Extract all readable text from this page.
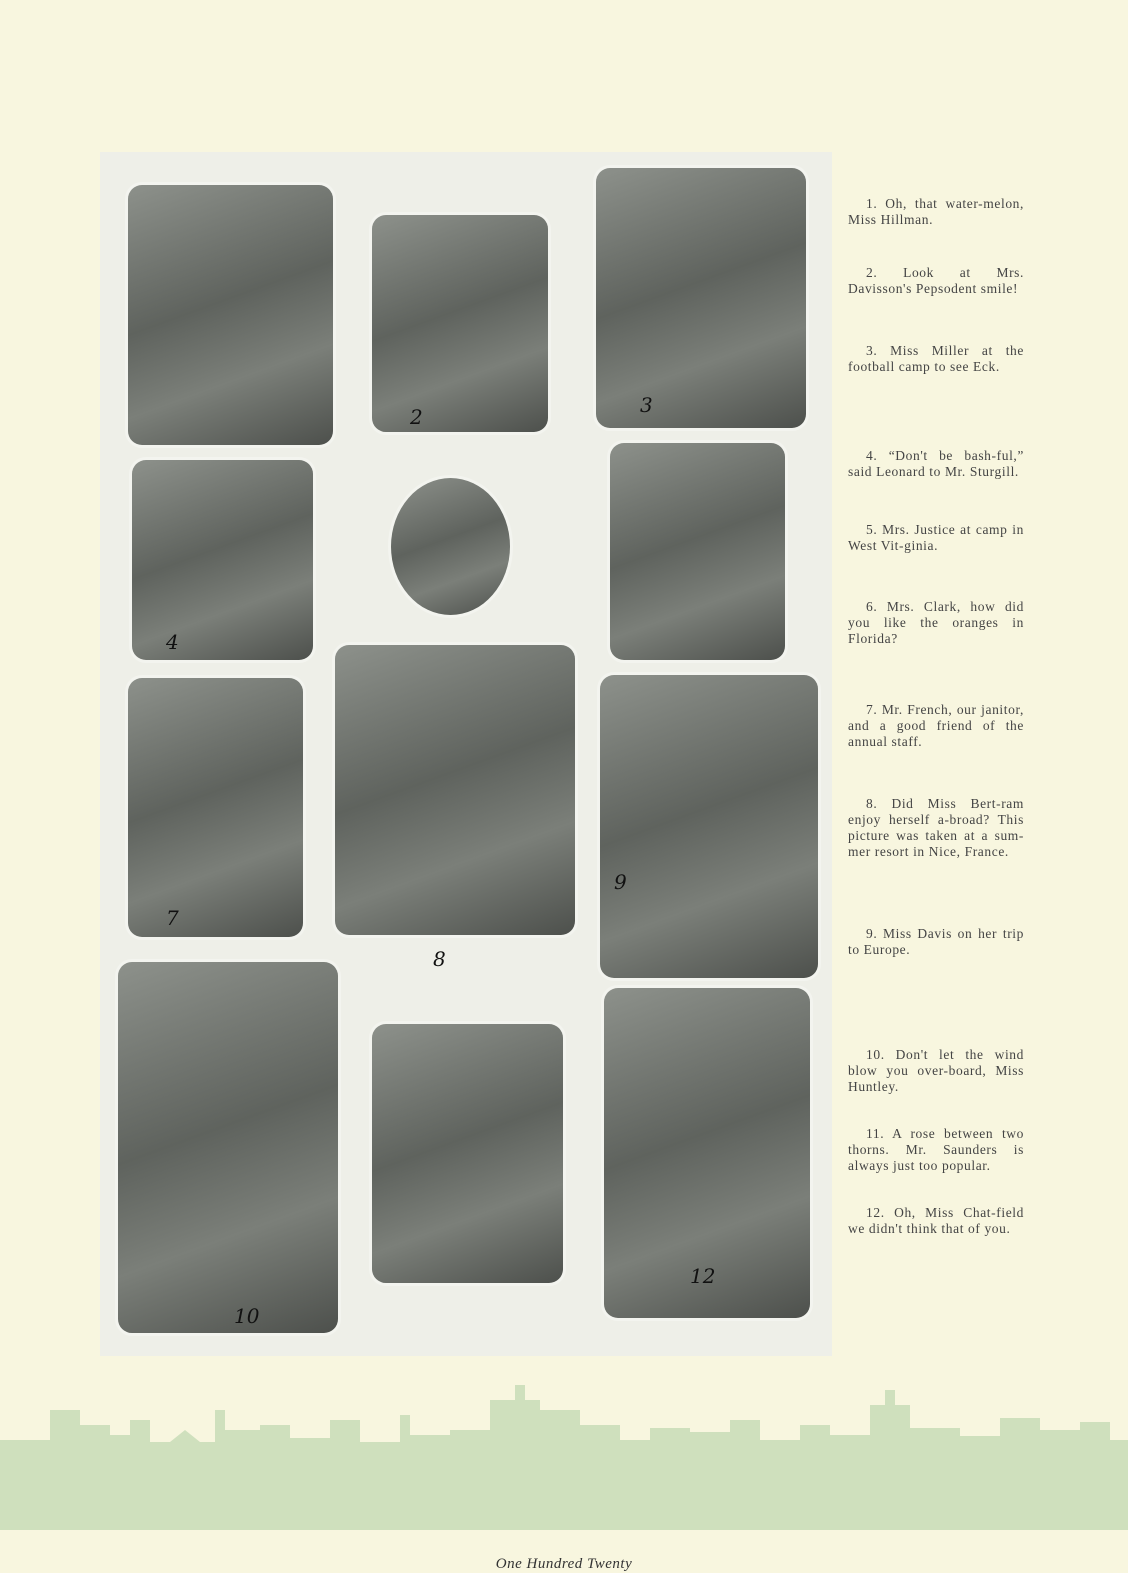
2	3
4
7
8
9
10
12

1. Oh, that water-melon, Miss Hillman.

2. Look at Mrs. Davisson's Pepsodent smile!

3. Miss Miller at the football camp to see Eck.

4. “Don't be bash-ful,” said Leonard to Mr. Sturgill.

5. Mrs. Justice at camp in West Vit-ginia.

6. Mrs. Clark, how did you like the oranges in Florida?

7. Mr. French, our janitor, and a good friend of the annual staff.

8. Did Miss Bert-ram enjoy herself a-broad? This picture was taken at a sum-mer resort in Nice, France.

9. Miss Davis on her trip to Europe.

10. Don't let the wind blow you over-board, Miss Huntley.

11. A rose between two thorns. Mr. Saunders is always just too popular.

12. Oh, Miss Chat-field we didn't think that of you.

One Hundred Twenty
